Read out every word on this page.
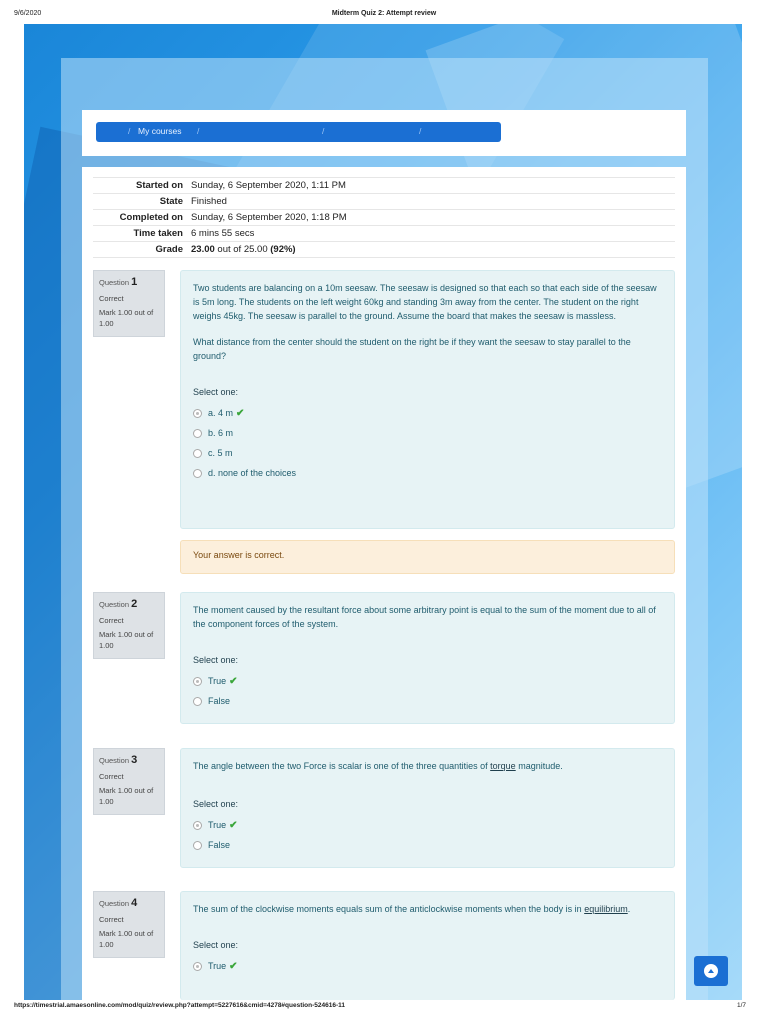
9/6/2020	Midterm Quiz 2: Attempt review
/ My courses /	/	/
Started on	Sunday, 6 September 2020, 1:11 PM
State	Finished
Completed on	Sunday, 6 September 2020, 1:18 PM
Time taken	6 mins 55 secs
Grade	23.00 out of 25.00 (92%)
Question 1
Correct
Mark 1.00 out of 1.00

Two students are balancing on a 10m seesaw. The seesaw is designed so that each so that each side of the seesaw is 5m long. The students on the left weight 60kg and standing 3m away from the center. The student on the right weighs 45kg. The seesaw is parallel to the ground. Assume the board that makes the seesaw is massless.

What distance from the center should the student on the right be if they want the seesaw to stay parallel to the ground?

Select one:
a. 4 m ✔
b. 6 m
c. 5 m
d. none of the choices
Your answer is correct.
Question 2
Correct
Mark 1.00 out of 1.00

The moment caused by the resultant force about some arbitrary point is equal to the sum of the moment due to all of the component forces of the system.

Select one:
True ✔
False
Question 3
Correct
Mark 1.00 out of 1.00

The angle between the two Force is scalar is one of the three quantities of torque magnitude.

Select one:
True ✔
False
Question 4
Correct
Mark 1.00 out of 1.00

The sum of the clockwise moments equals sum of the anticlockwise moments when the body is in equilibrium.

Select one:
True ✔
https://timestrial.amaesonline.com/mod/quiz/review.php?attempt=5227616&cmid=4278#question-524616-11	1/7
